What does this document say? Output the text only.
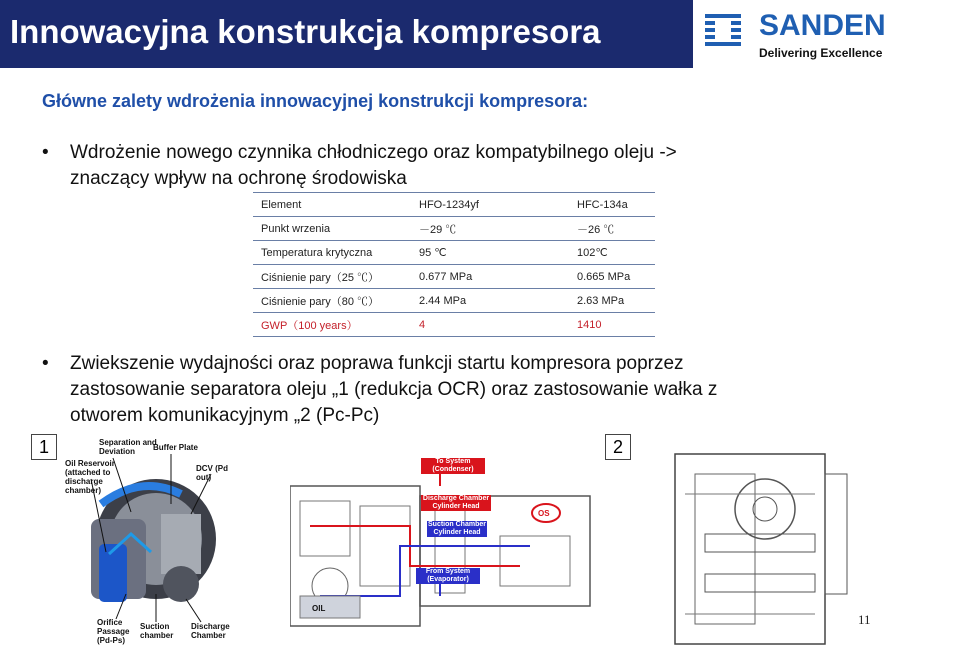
Innowacyjna konstrukcja kompresora	SANDEN
Delivering Excellence
Główne zalety wdrożenia innowacyjnej konstrukcji kompresora:
• Wdrożenie nowego czynnika chłodniczego oraz kompatybilnego oleju ->
znaczący wpływ na ochronę środowiska
Element	HFO-1234yf	HFC-134a
Punkt wrzenia	－29 ℃	－26 ℃
Temperatura krytyczna	95 ℃	102℃
Ciśnienie pary（25 ℃）	0.677 MPa	0.665 MPa
Ciśnienie pary（80 ℃）	2.44 MPa	2.63 MPa
GWP（100 years）	4	1410
• Zwiekszenie wydajności oraz poprawa funkcji startu kompresora poprzez
zastosowanie separatora oleju „1 (redukcja OCR) oraz zastosowanie wałka z
otworem komunikacyjnym „2 (Pc-Pc)
1	Separation and Deviation	Buffer Plate
Oil Reservoir (attached to discharge chamber)
DCV (Pd out)
Orifice Passage (Pd-Ps)
Suction chamber
Discharge Chamber
To System
(Condenser)
Discharge Chamber Cylinder Head
Suction Chamber Cylinder Head
OS
OIL
From System
(Evaporator)
2
11
